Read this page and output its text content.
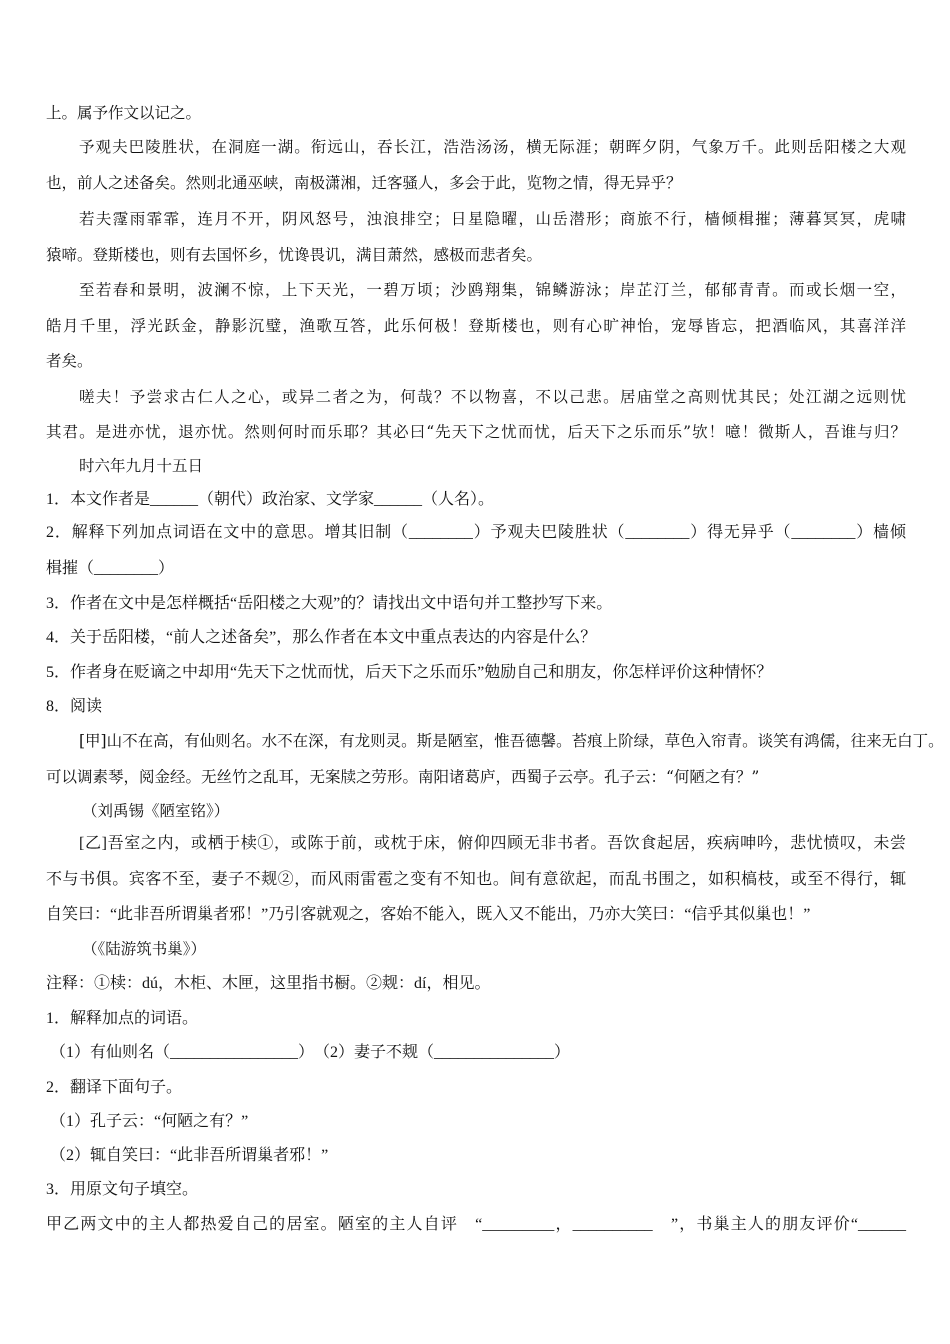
上。属予作文以记之。
予观夫巴陵胜状，在洞庭一湖。衔远山，吞长江，浩浩汤汤，横无际涯；朝晖夕阴，气象万千。此则岳阳楼之大观
也，前人之述备矣。然则北通巫峡，南极潇湘，迁客骚人，多会于此，览物之情，得无异乎？
若夫霪雨霏霏，连月不开，阴风怒号，浊浪排空；日星隐曜，山岳潜形；商旅不行，樯倾楫摧；薄暮冥冥，虎啸
猿啼。登斯楼也，则有去国怀乡，忧谗畏讥，满目萧然，感极而悲者矣。
至若春和景明，波澜不惊，上下天光，一碧万顷；沙鸥翔集，锦鳞游泳；岸芷汀兰，郁郁青青。而或长烟一空，
皓月千里，浮光跃金，静影沉璧，渔歌互答，此乐何极！登斯楼也，则有心旷神怡，宠辱皆忘，把酒临风，其喜洋洋
者矣。
嗟夫！予尝求古仁人之心，或异二者之为，何哉？不以物喜，不以己悲。居庙堂之高则忧其民；处江湖之远则忧
其君。是进亦忧，退亦忧。然则何时而乐耶？其必曰“先天下之忧而忧，后天下之乐而乐”欤！噫！微斯人，吾谁与归？
时六年九月十五日
1．本文作者是______（朝代）政治家、文学家______（人名）。
2．解释下列加点词语在文中的意思。增其旧制（________）予观夫巴陵胜状（________）得无异乎（________）樯倾
楫摧（________）
3．作者在文中是怎样概括“岳阳楼之大观”的？请找出文中语句并工整抄写下来。
4．关于岳阳楼，“前人之述备矣”，那么作者在本文中重点表达的内容是什么？
5．作者身在贬谪之中却用“先天下之忧而忧，后天下之乐而乐”勉励自己和朋友，你怎样评价这种情怀？
8．阅读
[甲]山不在高，有仙则名。水不在深，有龙则灵。斯是陋室，惟吾德馨。苔痕上阶绿，草色入帘青。谈笑有鸿儒，往来无白丁。
可以调素琴，阅金经。无丝竹之乱耳，无案牍之劳形。南阳诸葛庐，西蜀子云亭。孔子云：“何陋之有？”
（刘禹锡《陋室铭》）
[乙]吾室之内，或栖于椟①，或陈于前，或枕于床，俯仰四顾无非书者。吾饮食起居，疾病呻吟，悲忧愤叹，未尝
不与书俱。宾客不至，妻子不觌②，而风雨雷雹之变有不知也。间有意欲起，而乱书围之，如积槁枝，或至不得行，辄
自笑曰：“此非吾所谓巢者邪！”乃引客就观之，客始不能入，既入又不能出，乃亦大笑曰：“信乎其似巢也！”
（《陆游筑书巢》）
注释：①椟：dú，木柜、木匣，这里指书橱。②觌：dí，相见。
1．解释加点的词语。
（1）有仙则名（________________）　（2）妻子不觌（_______________）
2．翻译下面句子。
（1）孔子云：“何陋之有？”
（2）辄自笑曰：“此非吾所谓巢者邪！”
3．用原文句子填空。
甲乙两文中的主人都热爱自己的居室。陋室的主人自评　“_________，__________　”，书巢主人的朋友评价“______
